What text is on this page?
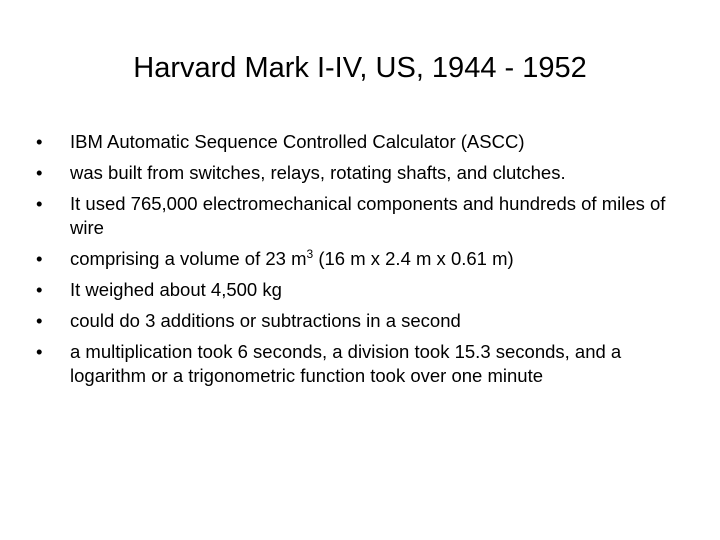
Harvard Mark I-IV, US, 1944 - 1952
•	IBM Automatic Sequence Controlled Calculator (ASCC)
•	was built from switches, relays, rotating shafts, and clutches.
•	It used 765,000 electromechanical components and hundreds of miles of wire
•	comprising a volume of 23 $m^3$ (16 m x 2.4 m x 0.61 m)
•	It weighed about 4,500 kg
•	could do 3 additions or subtractions in a second
•	a multiplication took 6 seconds, a division took 15.3 seconds, and a logarithm or a trigonometric function took over one minute
